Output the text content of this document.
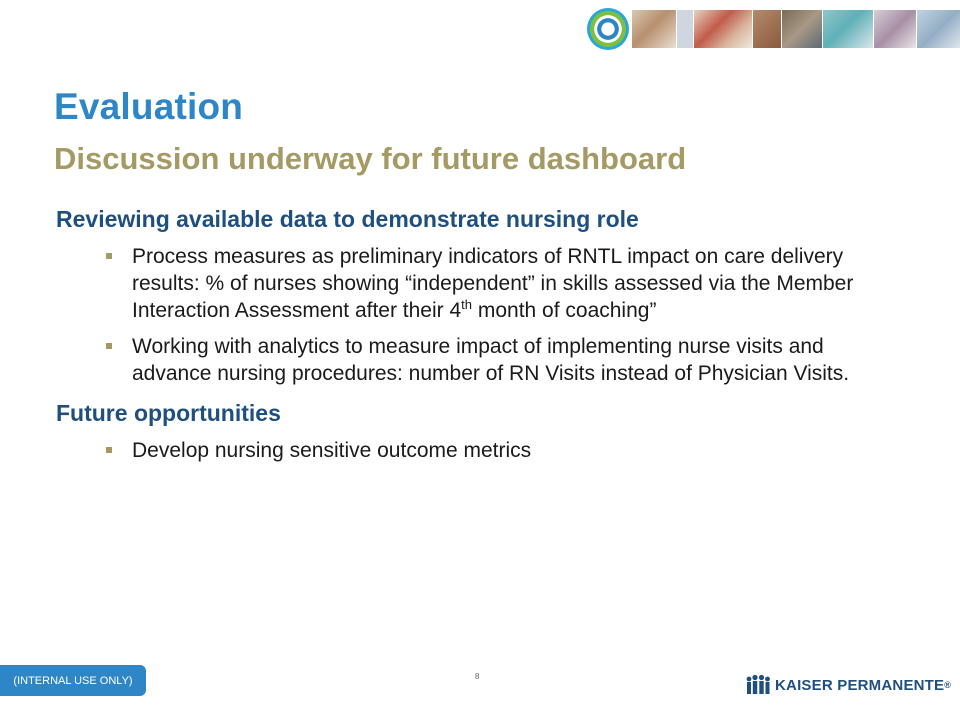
Evaluation
Discussion underway for future dashboard
Reviewing available data to demonstrate nursing role
Process measures as preliminary indicators of RNTL impact on care delivery results: % of nurses showing “independent” in skills assessed via the Member Interaction Assessment after their 4th month of coaching”
Working with analytics to measure impact of implementing nurse visits and advance nursing procedures: number of RN Visits instead of Physician Visits.
Future opportunities
Develop nursing sensitive outcome metrics
(INTERNAL USE ONLY)	8	KAISER PERMANENTE ®
